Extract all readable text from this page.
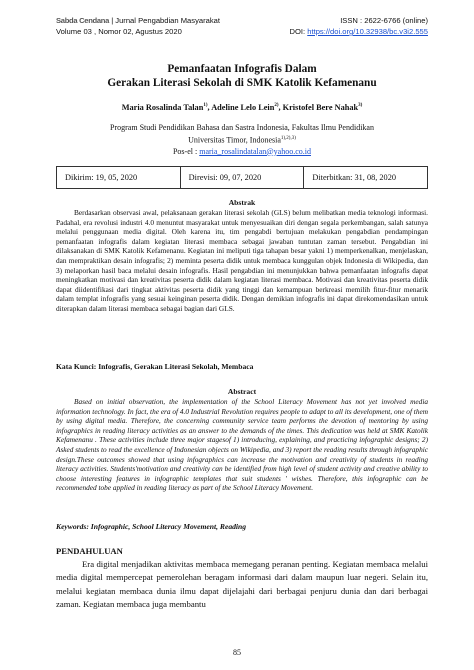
Sabda Cendana | Jurnal Pengabdian Masyarakat	ISSN : 2622-6766 (online)
Volume 03 , Nomor 02, Agustus 2020	DOI: https://doi.org/10.32938/bc.v3i2.555
Pemanfaatan Infografis Dalam
Gerakan Literasi Sekolah di SMK Katolik Kefamenanu
Maria Rosalinda Talan$^{1)}$, Adeline Lelo Lein$^{2)}$, Kristofel Bere Nahak$^{3)}$
Program Studi Pendidikan Bahasa dan Sastra Indonesia, Fakultas Ilmu Pendidikan
Universitas Timor, Indonesia$^{1),2),3)}$
Pos-el : maria_rosalindatalan@yahoo.co.id
Dikirim: 19, 05, 2020	Direvisi: 09, 07, 2020	Diterbitkan: 31, 08, 2020
Abstrak

Berdasarkan observasi awal, pelaksanaan gerakan literasi sekolah (GLS) belum melibatkan media teknologi informasi. Padahal, era revolusi industri 4.0 menuntut masyarakat untuk menyesuaikan diri dengan segala perkembangan, salah satunya melalui penggunaan media digital. Oleh karena itu, tim pengabdi bertujuan melakukan pengabdian pendampingan pemanfaatan infografis dalam kegiatan literasi membaca sebagai jawaban tuntutan zaman tersebut. Pengabdian ini dilaksanakan di SMK Katolik Kefamenanu. Kegiatan ini meliputi tiga tahapan besar yakni 1) memperkenalkan, menjelaskan, dan mempraktikan desain infografis; 2) meminta peserta didik untuk membaca kunggulan objek Indonesia di Wikipedia, dan 3) melaporkan hasil baca melalui desain infografis. Hasil pengabdian ini menunjukkan bahwa pemanfaatan infografis dapat meningkatkan motivasi dan kreativitas peserta didik dalam kegiatan literasi membaca. Motivasi dan kreativitas peserta didik dapat diidentifikasi dari tingkat aktivitas peserta didik yang tinggi dan kemampuan berkreasi memilih fitur-fitur menarik dalam templat infografis yang sesuai keinginan peserta didik. Dengan demikian infografis ini dapat direkomendasikan untuk diterapkan dalam literasi membaca sebagai bagian dari GLS.

Kata Kunci: Infografis, Gerakan Literasi Sekolah, Membaca

Abstract

Based on initial observation, the implementation of the School Literacy Movement has not yet involved media information technology. In fact, the era of 4.0 Industrial Revolution requires people to adapt to all its development, one of them by using digital media. Therefore, the concerning community service team performs the devotion of mentoring by using infographics in reading literacy activities as an answer to the demands of the times. This dedication was held at SMK Katolik Kefamenanu . These activities include three major stagesof 1) introducing, explaining, and practicing infographic designs; 2) Asked students to read the excellence of Indonesian objects on Wikipedia, and 3) report the reading results through infographic design.These outcomes showed that using infographics can increase the motivation and creativity of students in reading literacy activities. Students'motivation and creativity can be identified from high level of student activity and creative ability to choose interesting features in infographic templates that suit students ' wishes. Therefore, this infographic can be recommended tobe applied in reading literacy as part of the School Literacy Movement.

Keywords: Infographic, School Literacy Movement, Reading

PENDAHULUAN

Era digital menjadikan aktivitas membaca memegang peranan penting. Kegiatan membaca melalui media digital mempercepat pemerolehan beragam informasi dari dalam maupun luar negeri. Selain itu, melalui kegiatan membaca dunia ilmu dapat dijelajahi dari berbagai penjuru dunia dan dari berbagai zaman. Kegiatan membaca juga membantu

85
